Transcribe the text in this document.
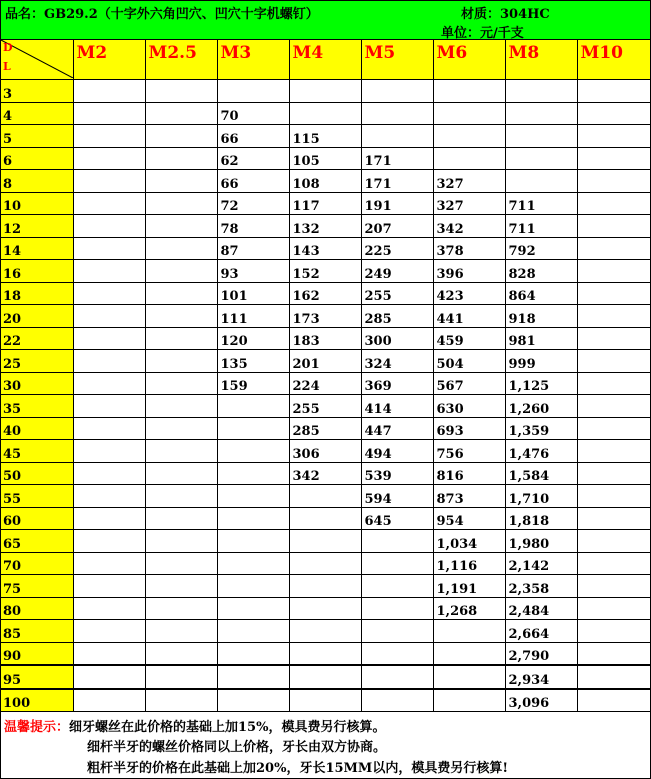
品名：GB29.2（十字外六角凹穴、凹穴十字机螺钉）	材质：304HC
单位：元/千支
D
L	M2	M2.5	M3	M4	M5	M6	M8	M10
3								
4			70					
5			66	115				
6			62	105	171			
8			66	108	171	327		
10			72	117	191	327	711	
12			78	132	207	342	711	
14			87	143	225	378	792	
16			93	152	249	396	828	
18			101	162	255	423	864	
20			111	173	285	441	918	
22			120	183	300	459	981	
25			135	201	324	504	999	
30			159	224	369	567	1,125	
35				255	414	630	1,260	
40				285	447	693	1,359	
45				306	494	756	1,476	
50				342	539	816	1,584	
55					594	873	1,710	
60					645	954	1,818	
65						1,034	1,980	
70						1,116	2,142	
75						1,191	2,358	
80						1,268	2,484	
85							2,664	
90							2,790	
95							2,934	
100							3,096	
温馨提示：细牙螺丝在此价格的基础上加15%，模具费另行核算。
细杆半牙的螺丝价格同以上价格，牙长由双方协商。
粗杆半牙的价格在此基础上加20%，牙长15MM以内，模具费另行核算!
